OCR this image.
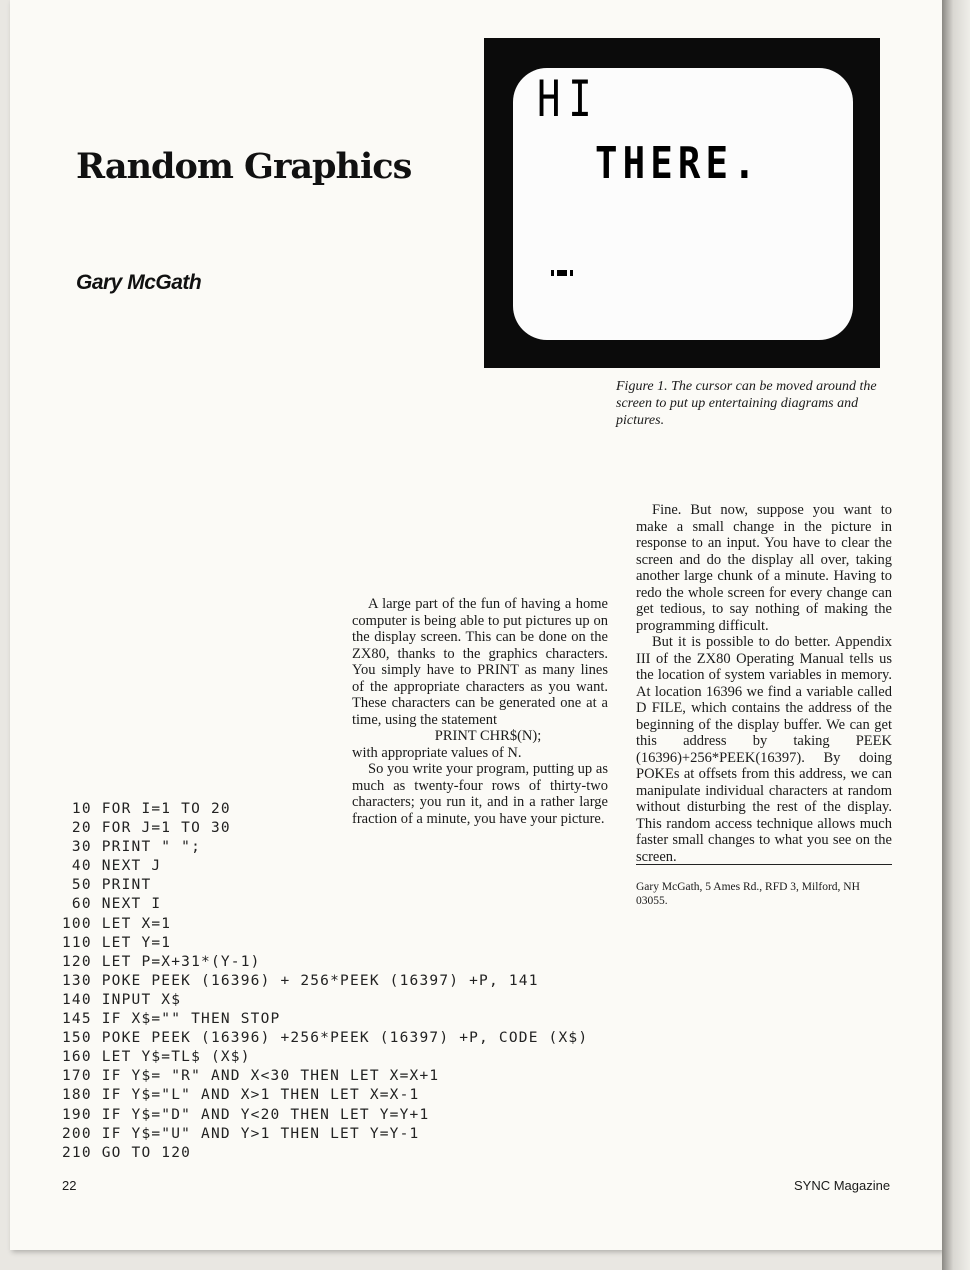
Random Graphics
Gary McGath
HI
THERE.

Figure 1. The cursor can be moved around the screen to put up entertaining diagrams and pictures.

A large part of the fun of having a home computer is being able to put pictures up on the display screen. This can be done on the ZX80, thanks to the graphics characters. You simply have to PRINT as many lines of the appropriate characters as you want. These characters can be generated one at a time, using the statement

PRINT CHR$(N);

with appropriate values of N.

So you write your program, putting up as much as twenty-four rows of thirty-two characters; you run it, and in a rather large fraction of a minute, you have your picture.

Fine. But now, suppose you want to make a small change in the picture in response to an input. You have to clear the screen and do the display all over, taking another large chunk of a minute. Having to redo the whole screen for every change can get tedious, to say nothing of making the programming difficult.

But it is possible to do better. Appendix III of the ZX80 Operating Manual tells us the location of system variables in memory. At location 16396 we find a variable called D FILE, which contains the address of the beginning of the display buffer. We can get this address by taking PEEK (16396)+256*PEEK(16397). By doing POKEs at offsets from this address, we can manipulate individual characters at random without disturbing the rest of the display. This random access technique allows much faster small changes to what you see on the screen.

Gary McGath, 5 Ames Rd., RFD 3, Milford, NH 03055.

10 FOR I=1 TO 20
20 FOR J=1 TO 30
30 PRINT " ";
40 NEXT J
50 PRINT
60 NEXT I
100 LET X=1
110 LET Y=1
120 LET P=X+31*(Y-1)
130 POKE PEEK (16396) + 256*PEEK (16397) +P, 141
140 INPUT X$
145 IF X$="" THEN STOP
150 POKE PEEK (16396) +256*PEEK (16397) +P, CODE (X$)
160 LET Y$=TL$ (X$)
170 IF Y$= "R" AND X<30 THEN LET X=X+1
180 IF Y$="L" AND X>1 THEN LET X=X-1
190 IF Y$="D" AND Y<20 THEN LET Y=Y+1
200 IF Y$="U" AND Y>1 THEN LET Y=Y-1
210 GO TO 120

22	SYNC Magazine
